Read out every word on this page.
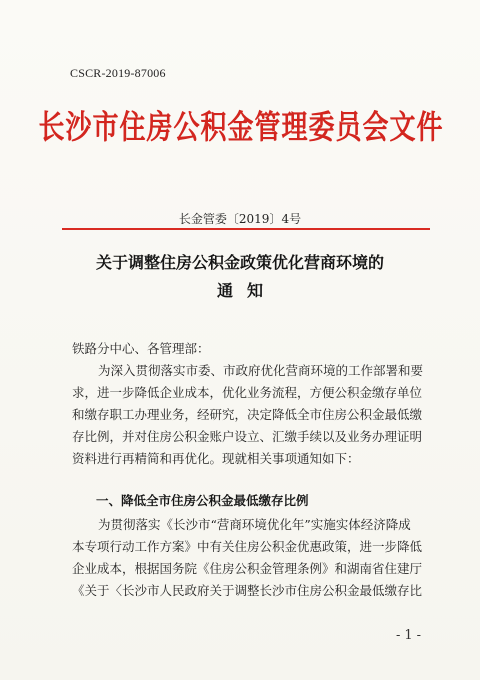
CSCR-2019-87006
长沙市住房公积金管理委员会文件
长金管委〔2019〕4号
关于调整住房公积金政策优化营商环境的
通知
铁路分中心、各管理部：
为深入贯彻落实市委、市政府优化营商环境的工作部署和要
求，进一步降低企业成本，优化业务流程，方便公积金缴存单位
和缴存职工办理业务，经研究，决定降低全市住房公积金最低缴
存比例，并对住房公积金账户设立、汇缴手续以及业务办理证明
资料进行再精简和再优化。现就相关事项通知如下：
一、降低全市住房公积金最低缴存比例
为贯彻落实《长沙市“营商环境优化年”实施实体经济降成
本专项行动工作方案》中有关住房公积金优惠政策，进一步降低
企业成本，根据国务院《住房公积金管理条例》和湖南省住建厅
《关于〈长沙市人民政府关于调整长沙市住房公积金最低缴存比
-1-
